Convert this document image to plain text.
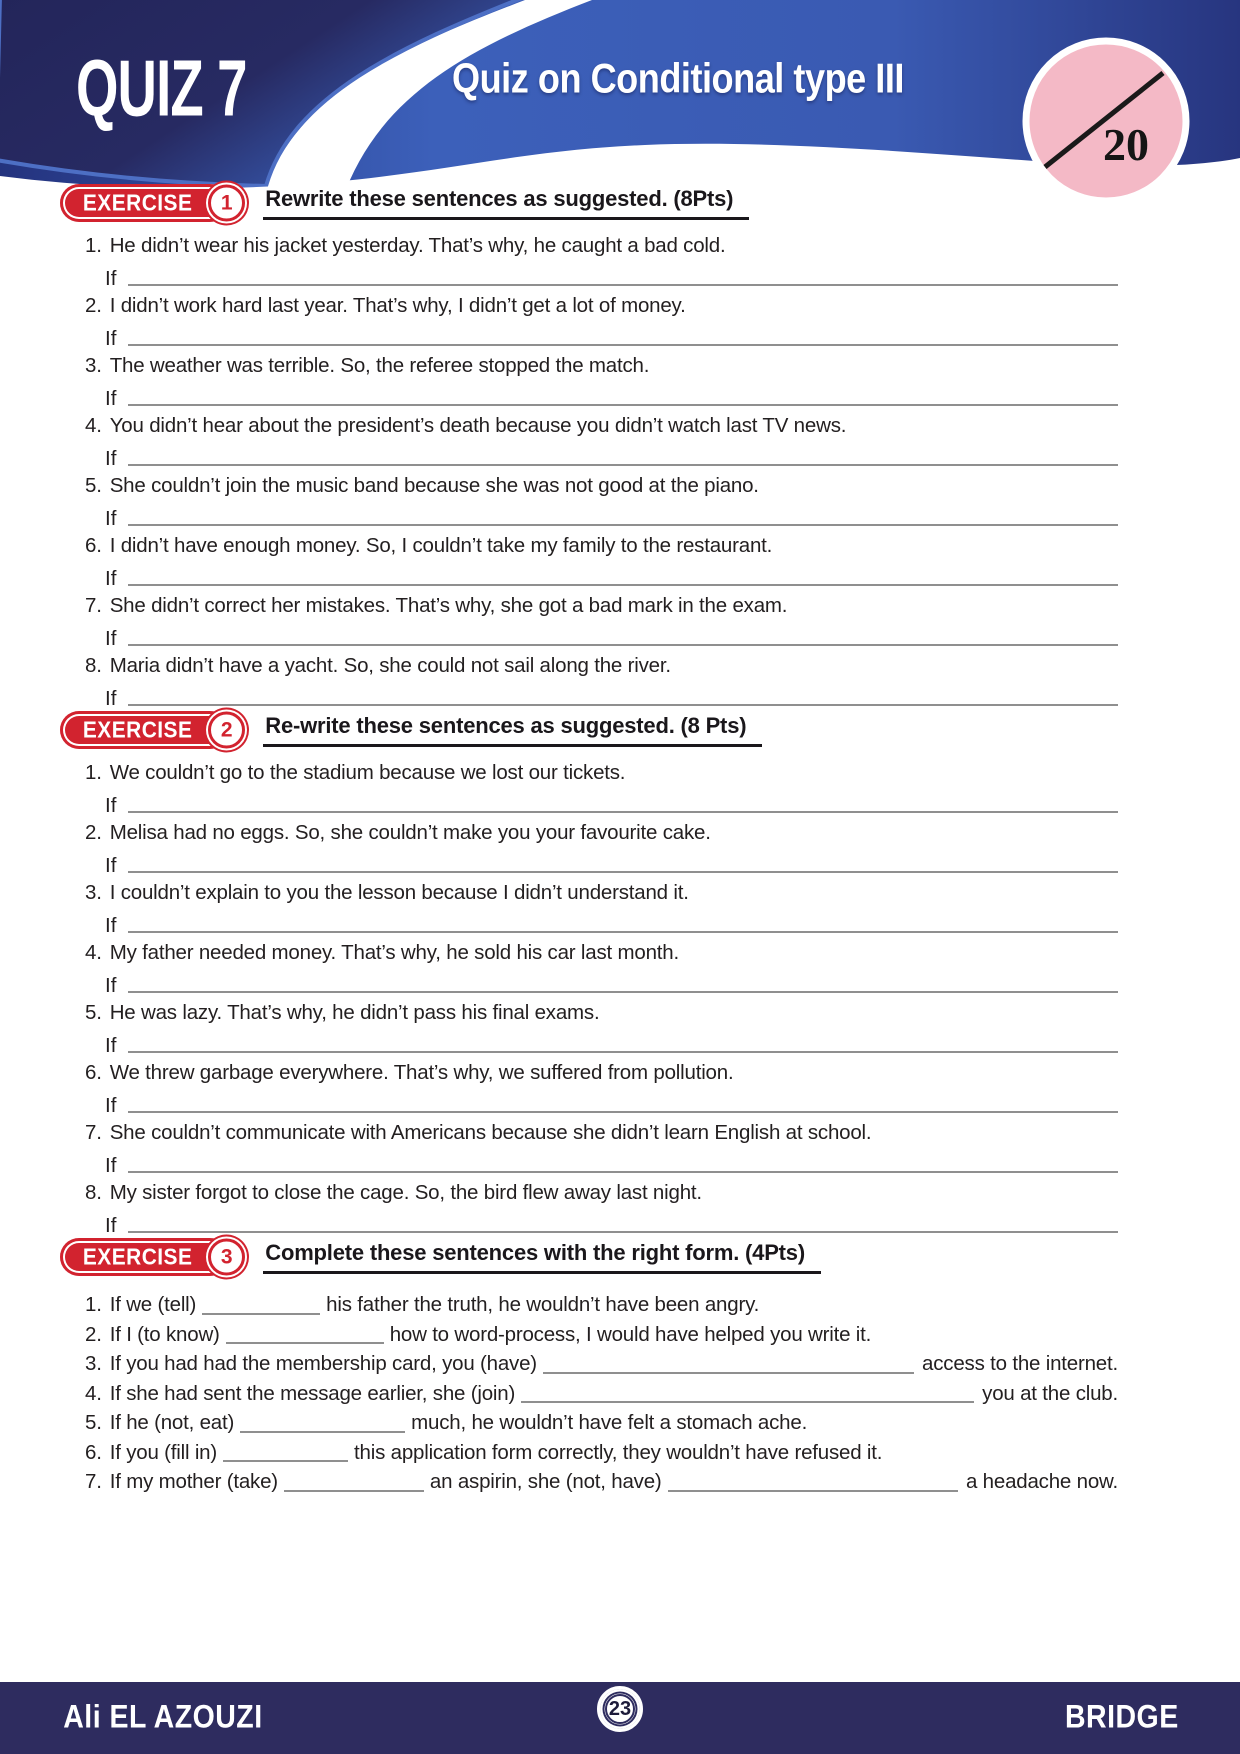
QUIZ 7	Quiz on Conditional type III
20
EXERCISE	1	Rewrite these sentences as suggested. (8Pts)
1. He didn’t wear his jacket yesterday. That’s why, he caught a bad cold.
If
2. I didn’t work hard last year. That’s why, I didn’t get a lot of money.
If
3. The weather was terrible. So, the referee stopped the match.
If
4. You didn’t hear about the president’s death because you didn’t watch last TV news.
If
5. She couldn’t join the music band because she was not good at the piano.
If
6. I didn’t have enough money. So, I couldn’t take my family to the restaurant.
If
7. She didn’t correct her mistakes. That’s why, she got a bad mark in the exam.
If
8. Maria didn’t have a yacht. So, she could not sail along the river.
If
EXERCISE	2	Re-write these sentences as suggested. (8 Pts)
1. We couldn’t go to the stadium because we lost our tickets.
If
2. Melisa had no eggs. So, she couldn’t make you your favourite cake.
If
3. I couldn’t explain to you the lesson because I didn’t understand it.
If
4. My father needed money. That’s why, he sold his car last month.
If
5. He was lazy. That’s why, he didn’t pass his final exams.
If
6. We threw garbage everywhere. That’s why, we suffered from pollution.
If
7. She couldn’t communicate with Americans because she didn’t learn English at school.
If
8. My sister forgot to close the cage. So, the bird flew away last night.
If
EXERCISE	3	Complete these sentences with the right form. (4Pts)
1. If we (tell)	his father the truth, he wouldn’t have been angry.
2. If I (to know)	how to word-process, I would have helped you write it.
3. If you had had the membership card, you (have)	access to the internet.
4. If she had sent the message earlier, she (join)	you at the club.
5. If he (not, eat)	much, he wouldn’t have felt a stomach ache.
6. If you (fill in)	this application form correctly, they wouldn’t have refused it.
7. If my mother (take)	an aspirin, she (not, have)	a headache now.
Ali EL AZOUZI	23	BRIDGE
